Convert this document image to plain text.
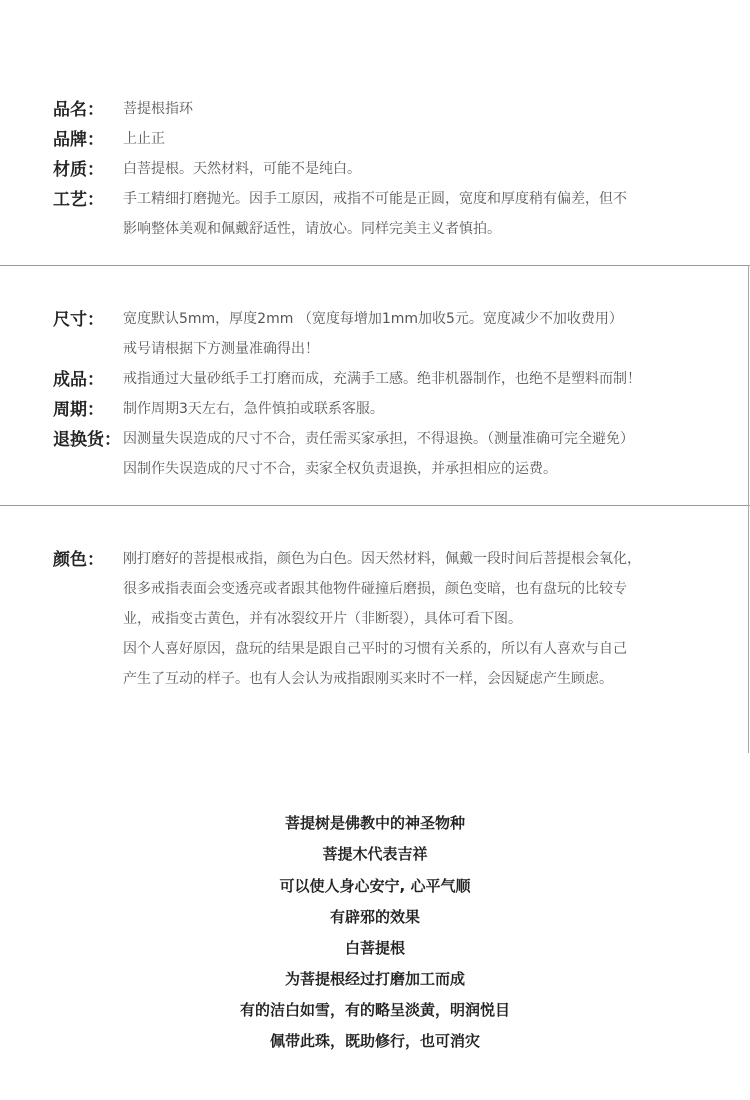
品名： 菩提根指环
品牌： 上止正
材质： 白菩提根。天然材料，可能不是纯白。
工艺： 手工精细打磨抛光。因手工原因，戒指不可能是正圆，宽度和厚度稍有偏差，但不
影响整体美观和佩戴舒适性，请放心。同样完美主义者慎拍。
尺寸： 宽度默认5mm，厚度2mm （宽度每增加1mm加收5元。宽度减少不加收费用）
戒号请根据下方测量准确得出！
成品： 戒指通过大量砂纸手工打磨而成，充满手工感。绝非机器制作，也绝不是塑料而制！
周期： 制作周期3天左右，急件慎拍或联系客服。
退换货： 因测量失误造成的尺寸不合，责任需买家承担，不得退换。（测量准确可完全避免）
因制作失误造成的尺寸不合，卖家全权负责退换，并承担相应的运费。
颜色： 刚打磨好的菩提根戒指，颜色为白色。因天然材料，佩戴一段时间后菩提根会氧化，
很多戒指表面会变透亮或者跟其他物件碰撞后磨损，颜色变暗，也有盘玩的比较专
业，戒指变古黄色，并有冰裂纹开片（非断裂），具体可看下图。
因个人喜好原因，盘玩的结果是跟自己平时的习惯有关系的，所以有人喜欢与自己
产生了互动的样子。也有人会认为戒指跟刚买来时不一样，会因疑虑产生顾虑。
菩提树是佛教中的神圣物种
菩提木代表吉祥
可以使人身心安宁, 心平气顺
有辟邪的效果
白菩提根
为菩提根经过打磨加工而成
有的洁白如雪，有的略呈淡黄，明润悦目
佩带此珠，既助修行，也可消灾
